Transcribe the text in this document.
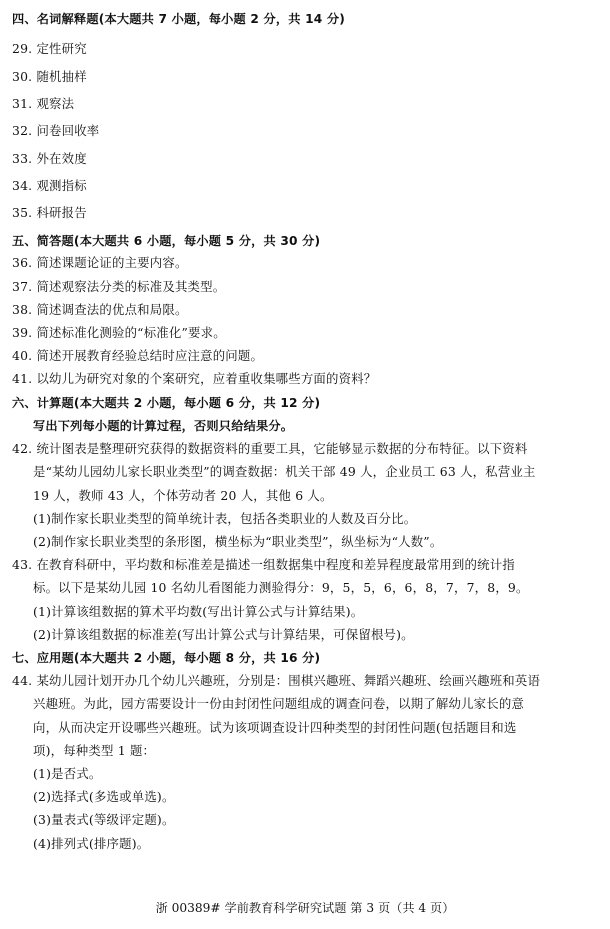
四、名词解释题(本大题共 7 小题，每小题 2 分，共 14 分)
29. 定性研究
30. 随机抽样
31. 观察法
32. 问卷回收率
33. 外在效度
34. 观测指标
35. 科研报告
五、简答题(本大题共 6 小题，每小题 5 分，共 30 分)
36. 简述课题论证的主要内容。
37. 简述观察法分类的标准及其类型。
38. 简述调查法的优点和局限。
39. 简述标准化测验的“标准化”要求。
40. 简述开展教育经验总结时应注意的问题。
41. 以幼儿为研究对象的个案研究，应着重收集哪些方面的资料？
六、计算题(本大题共 2 小题，每小题 6 分，共 12 分)
写出下列每小题的计算过程，否则只给结果分。
42. 统计图表是整理研究获得的数据资料的重要工具，它能够显示数据的分布特征。以下资料
是“某幼儿园幼儿家长职业类型”的调查数据：机关干部 49 人，企业员工 63 人，私营业主
19 人，教师 43 人，个体劳动者 20 人，其他 6 人。
(1)制作家长职业类型的简单统计表，包括各类职业的人数及百分比。
(2)制作家长职业类型的条形图，横坐标为“职业类型”，纵坐标为“人数”。
43. 在教育科研中，平均数和标准差是描述一组数据集中程度和差异程度最常用到的统计指
标。以下是某幼儿园 10 名幼儿看图能力测验得分：9，5，5，6，6，8，7，7，8，9。
(1)计算该组数据的算术平均数(写出计算公式与计算结果)。
(2)计算该组数据的标准差(写出计算公式与计算结果，可保留根号)。
七、应用题(本大题共 2 小题，每小题 8 分，共 16 分)
44. 某幼儿园计划开办几个幼儿兴趣班，分别是：围棋兴趣班、舞蹈兴趣班、绘画兴趣班和英语
兴趣班。为此，园方需要设计一份由封闭性问题组成的调查问卷，以期了解幼儿家长的意
向，从而决定开设哪些兴趣班。试为该项调查设计四种类型的封闭性问题(包括题目和选
项)，每种类型 1 题：
(1)是否式。
(2)选择式(多选或单选)。
(3)量表式(等级评定题)。
(4)排列式(排序题)。
浙 00389# 学前教育科学研究试题 第 3 页（共 4 页）
